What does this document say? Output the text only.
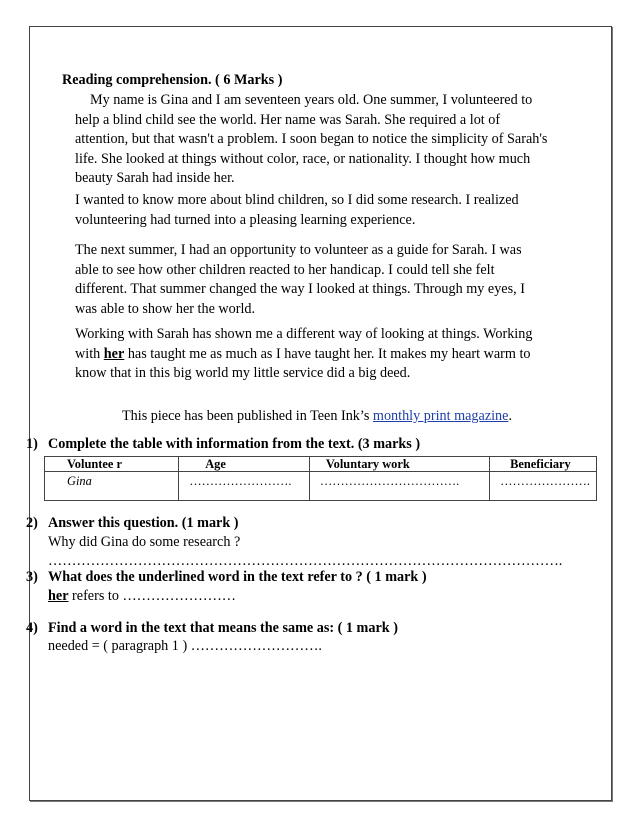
Reading comprehension. ( 6 Marks )

My name is Gina and I am seventeen years old. One summer, I volunteered to

help a blind child see the world. Her name was Sarah. She required a lot of

attention, but that wasn't a problem. I soon began to notice the simplicity of Sarah's

life. She looked at things without color, race, or nationality. I thought how much

beauty Sarah had inside her.

I wanted to know more about blind children, so I did some research. I realized

volunteering had turned into a pleasing learning experience.

The next summer, I had an opportunity to volunteer as a guide for Sarah. I was

able to see how other children reacted to her handicap. I could tell she felt

different. That summer changed the way I looked at things. Through my eyes, I

was able to show her the world.

Working with Sarah has shown me a different way of looking at things. Working

with her has taught me as much as I have taught her. It makes my heart warm to

know that in this big world my little service did a big deed.

This piece has been published in Teen Ink’s monthly print magazine.
1) Complete the table with information from the text. (3 marks )
Voluntee r	Age	Voluntary work	Beneficiary
Gina	…………………….	…………………………….	………………….
2) Answer this question. (1 mark )
Why did Gina do some research ?
……………………………………………………………………………………………….
3) What does the underlined word in the text refer to ? ( 1 mark )
her refers to ……………………
4) Find a word in the text that means the same as: ( 1 mark )
needed = ( paragraph 1 ) ……………………….
